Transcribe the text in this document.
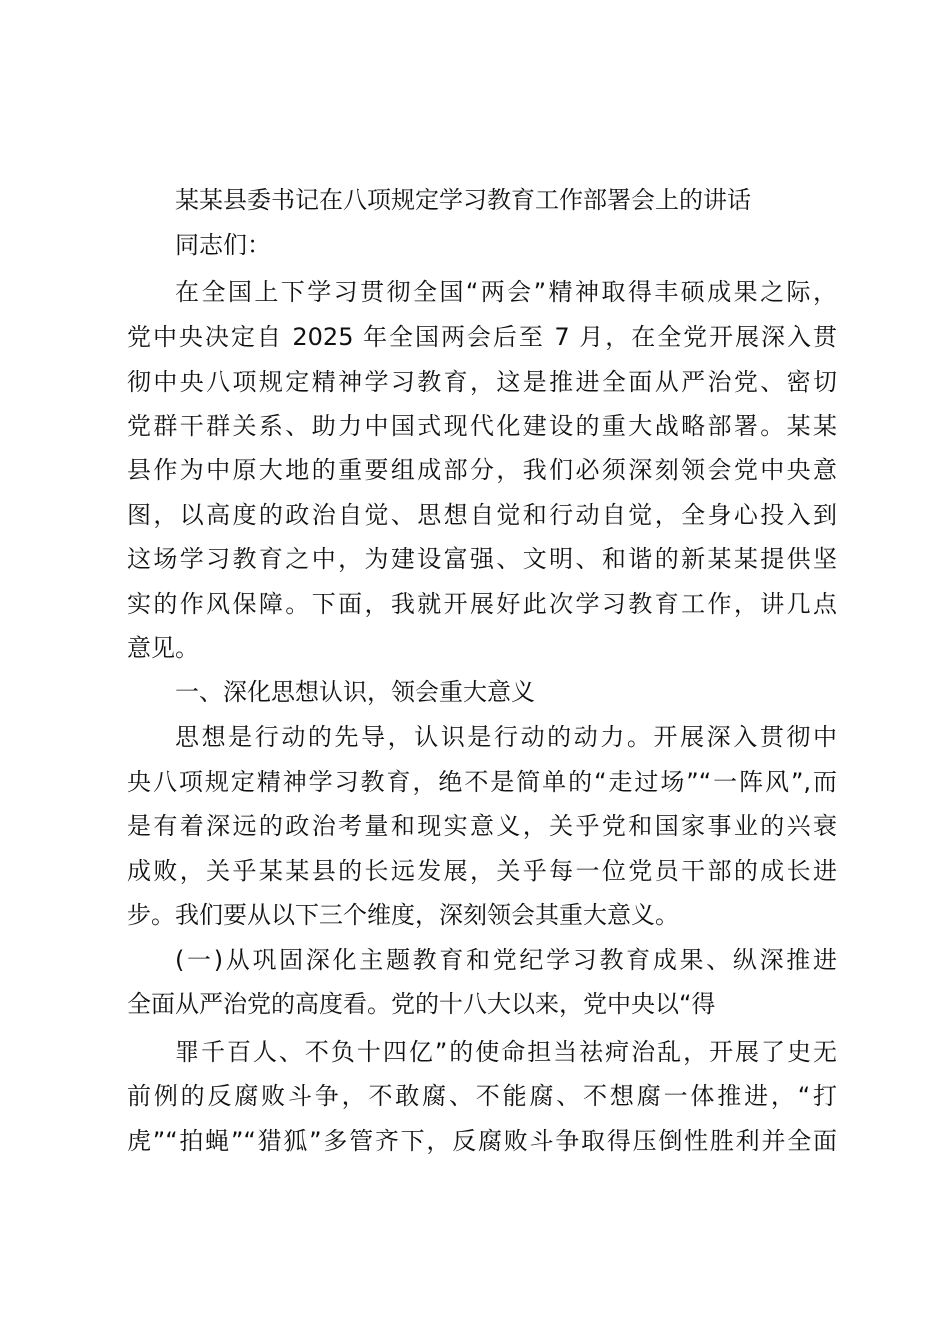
某某县委书记在八项规定学习教育工作部署会上的讲话
同志们：
在全国上下学习贯彻全国“两会”精神取得丰硕成果之际，
党中央决定自 2025 年全国两会后至 7 月，在全党开展深入贯
彻中央八项规定精神学习教育，这是推进全面从严治党、密切
党群干群关系、助力中国式现代化建设的重大战略部署。某某
县作为中原大地的重要组成部分，我们必须深刻领会党中央意
图，以高度的政治自觉、思想自觉和行动自觉，全身心投入到
这场学习教育之中，为建设富强、文明、和谐的新某某提供坚
实的作风保障。下面，我就开展好此次学习教育工作，讲几点
意见。
一、深化思想认识，领会重大意义
思想是行动的先导，认识是行动的动力。开展深入贯彻中
央八项规定精神学习教育，绝不是简单的“走过场”“一阵风”,而
是有着深远的政治考量和现实意义，关乎党和国家事业的兴衰
成败，关乎某某县的长远发展，关乎每一位党员干部的成长进
步。我们要从以下三个维度，深刻领会其重大意义。
(一)从巩固深化主题教育和党纪学习教育成果、纵深推进
全面从严治党的高度看。党的十八大以来，党中央以“得
罪千百人、不负十四亿”的使命担当祛疴治乱，开展了史无
前例的反腐败斗争，不敢腐、不能腐、不想腐一体推进，“打
虎”“拍蝇”“猎狐”多管齐下，反腐败斗争取得压倒性胜利并全面
